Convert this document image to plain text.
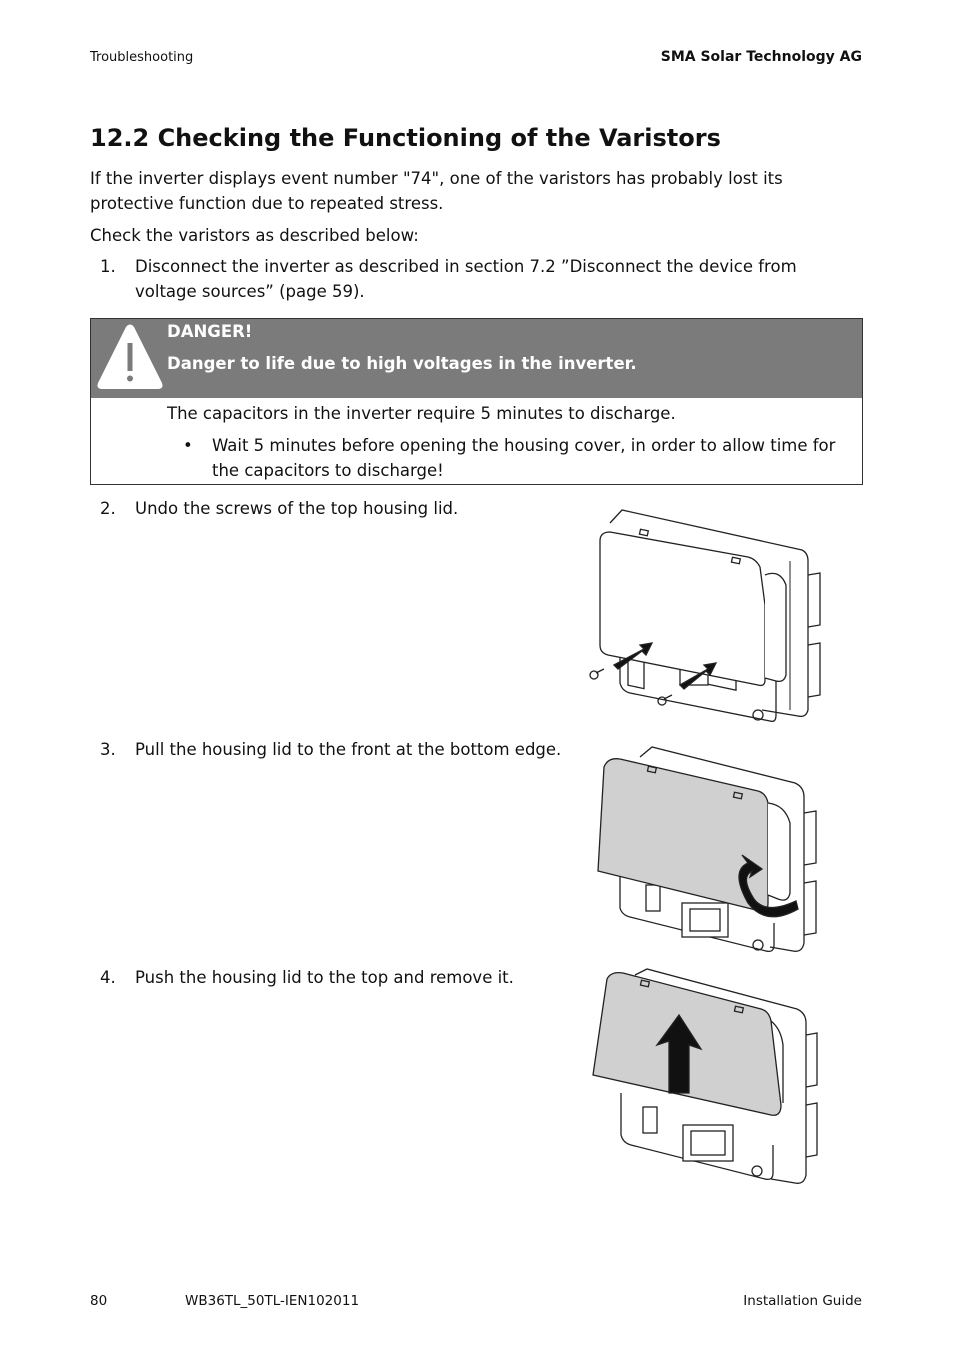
Troubleshooting	SMA Solar Technology AG
12.2 Checking the Functioning of the Varistors

If the inverter displays event number "74", one of the varistors has probably lost its protective function due to repeated stress.

Check the varistors as described below:

1. Disconnect the inverter as described in section 7.2 ”Disconnect the device from voltage sources” (page 59).
DANGER!
Danger to life due to high voltages in the inverter.
The capacitors in the inverter require 5 minutes to discharge.
• Wait 5 minutes before opening the housing cover, in order to allow time for the capacitors to discharge!
2. Undo the screws of the top housing lid.
3. Pull the housing lid to the front at the bottom edge.
4. Push the housing lid to the top and remove it.
80	WB36TL_50TL-IEN102011	Installation Guide
